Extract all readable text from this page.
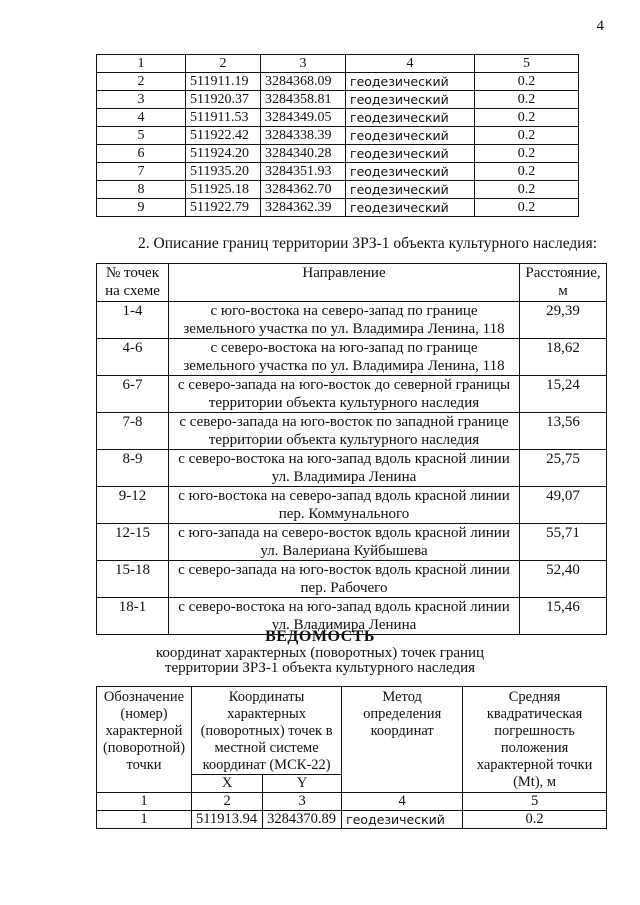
4
1	2	3	4	5
2	511911.19	3284368.09	геодезический	0.2
3	511920.37	3284358.81	геодезический	0.2
4	511911.53	3284349.05	геодезический	0.2
5	511922.42	3284338.39	геодезический	0.2
6	511924.20	3284340.28	геодезический	0.2
7	511935.20	3284351.93	геодезический	0.2
8	511925.18	3284362.70	геодезический	0.2
9	511922.79	3284362.39	геодезический	0.2
2. Описание границ территории ЗРЗ-1 объекта культурного наследия:
№ точек на схеме	Направление	Расстояние, м
1-4	с юго-востока на северо-запад по границе земельного участка по ул. Владимира Ленина, 118	29,39
4-6	с северо-востока на юго-запад по границе земельного участка по ул. Владимира Ленина, 118	18,62
6-7	с северо-запада на юго-восток до северной границы территории объекта культурного наследия	15,24
7-8	с северо-запада на юго-восток по западной границе территории объекта культурного наследия	13,56
8-9	с северо-востока на юго-запад вдоль красной линии ул. Владимира Ленина	25,75
9-12	с юго-востока на северо-запад вдоль красной линии пер. Коммунального	49,07
12-15	с юго-запада на северо-восток вдоль красной линии ул. Валериана Куйбышева	55,71
15-18	с северо-запада на юго-восток вдоль красной линии пер. Рабочего	52,40
18-1	с северо-востока на юго-запад вдоль красной линии ул. Владимира Ленина	15,46
ВЕДОМОСТЬ
координат характерных (поворотных) точек границ
территории ЗРЗ-1 объекта культурного наследия
Обозначение (номер) характерной (поворотной) точки	Координаты характерных (поворотных) точек в местной системе координат (МСК-22)		Метод определения координат	Средняя квадратическая погрешность положения характерной точки (Mt), м
	X	Y		
1	2	3	4	5
1	511913.94	3284370.89	геодезический	0.2
